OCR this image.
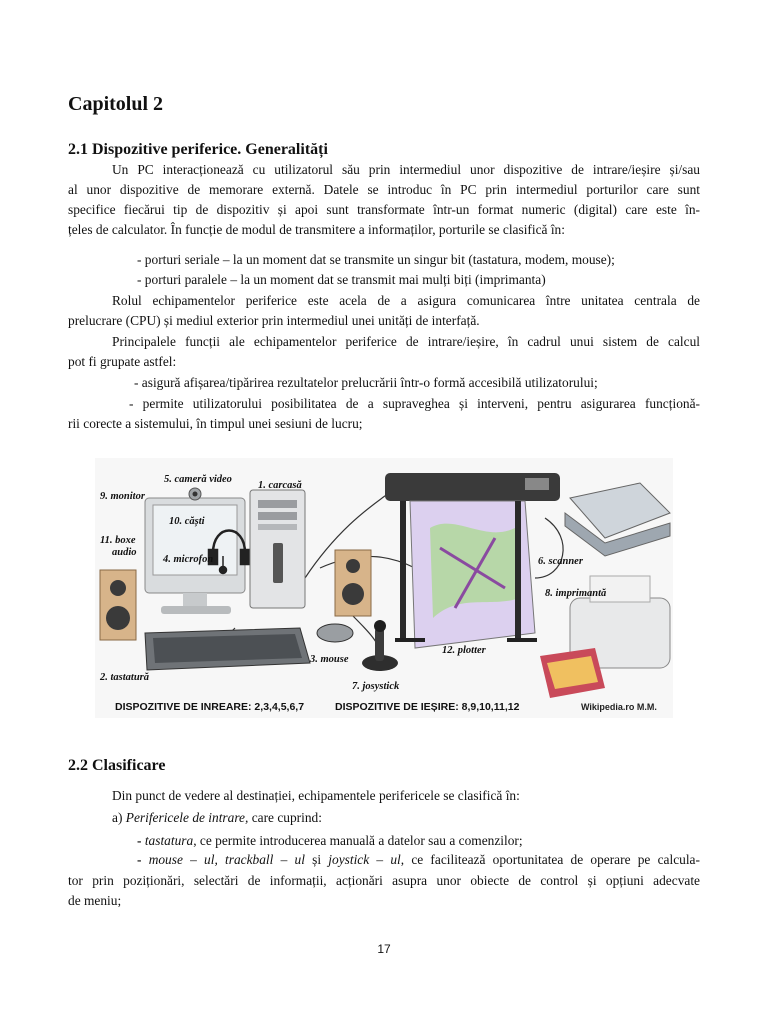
Capitolul 2
2.1 Dispozitive periferice. Generalități
Un PC interacționează cu utilizatorul său prin intermediul unor dispozitive de intrare/ieșire și/sau
al unor dispozitive de memorare externă. Datele se introduc în PC prin intermediul porturilor care sunt
specifice fiecărui tip de dispozitiv și apoi sunt transformate într-un format numeric (digital) care este în-
țeles de calculator. În funcție de modul de transmitere a informaților, porturile se clasifică în:
- porturi seriale – la un moment dat se transmite un singur bit (tastatura, modem, mouse);
- porturi paralele – la un moment dat se transmit mai mulți biți (imprimanta)
Rolul echipamentelor periferice este acela de a asigura comunicarea între unitatea centrala de
prelucrare (CPU) și mediul exterior prin intermediul unei unități de interfață.
Principalele funcții ale echipamentelor periferice de intrare/ieșire, în cadrul unui sistem de calcul
pot fi grupate astfel:
- asigură afișarea/tipărirea rezultatelor prelucrării într-o formă accesibilă utilizatorului;
- permite utilizatorului posibilitatea de a supraveghea și interveni, pentru asigurarea funcționă-
rii corecte a sistemului, în timpul unei sesiuni de lucru;
5. cameră video
1. carcasă
9. monitor
10. căști
11. boxe
audio
4. microfon	6. scanner
8. imprimantă
12. plotter
3. mouse
2. tastatură
7. josystick
DISPOZITIVE DE INREARE: 2,3,4,5,6,7	DISPOZITIVE DE IEȘIRE: 8,9,10,11,12	Wikipedia.ro M.M.
2.2 Clasificare
Din punct de vedere al destinației, echipamentele perifericele se clasifică în:
a) Perifericele de intrare, care cuprind:
- tastatura, ce permite introducerea manuală a datelor sau a comenzilor;
- mouse – ul, trackball – ul și joystick – ul, ce facilitează oportunitatea de operare pe calcula-
tor prin poziționări, selectări de informații, acționări asupra unor obiecte de control și opțiuni adecvate
de meniu;
17
